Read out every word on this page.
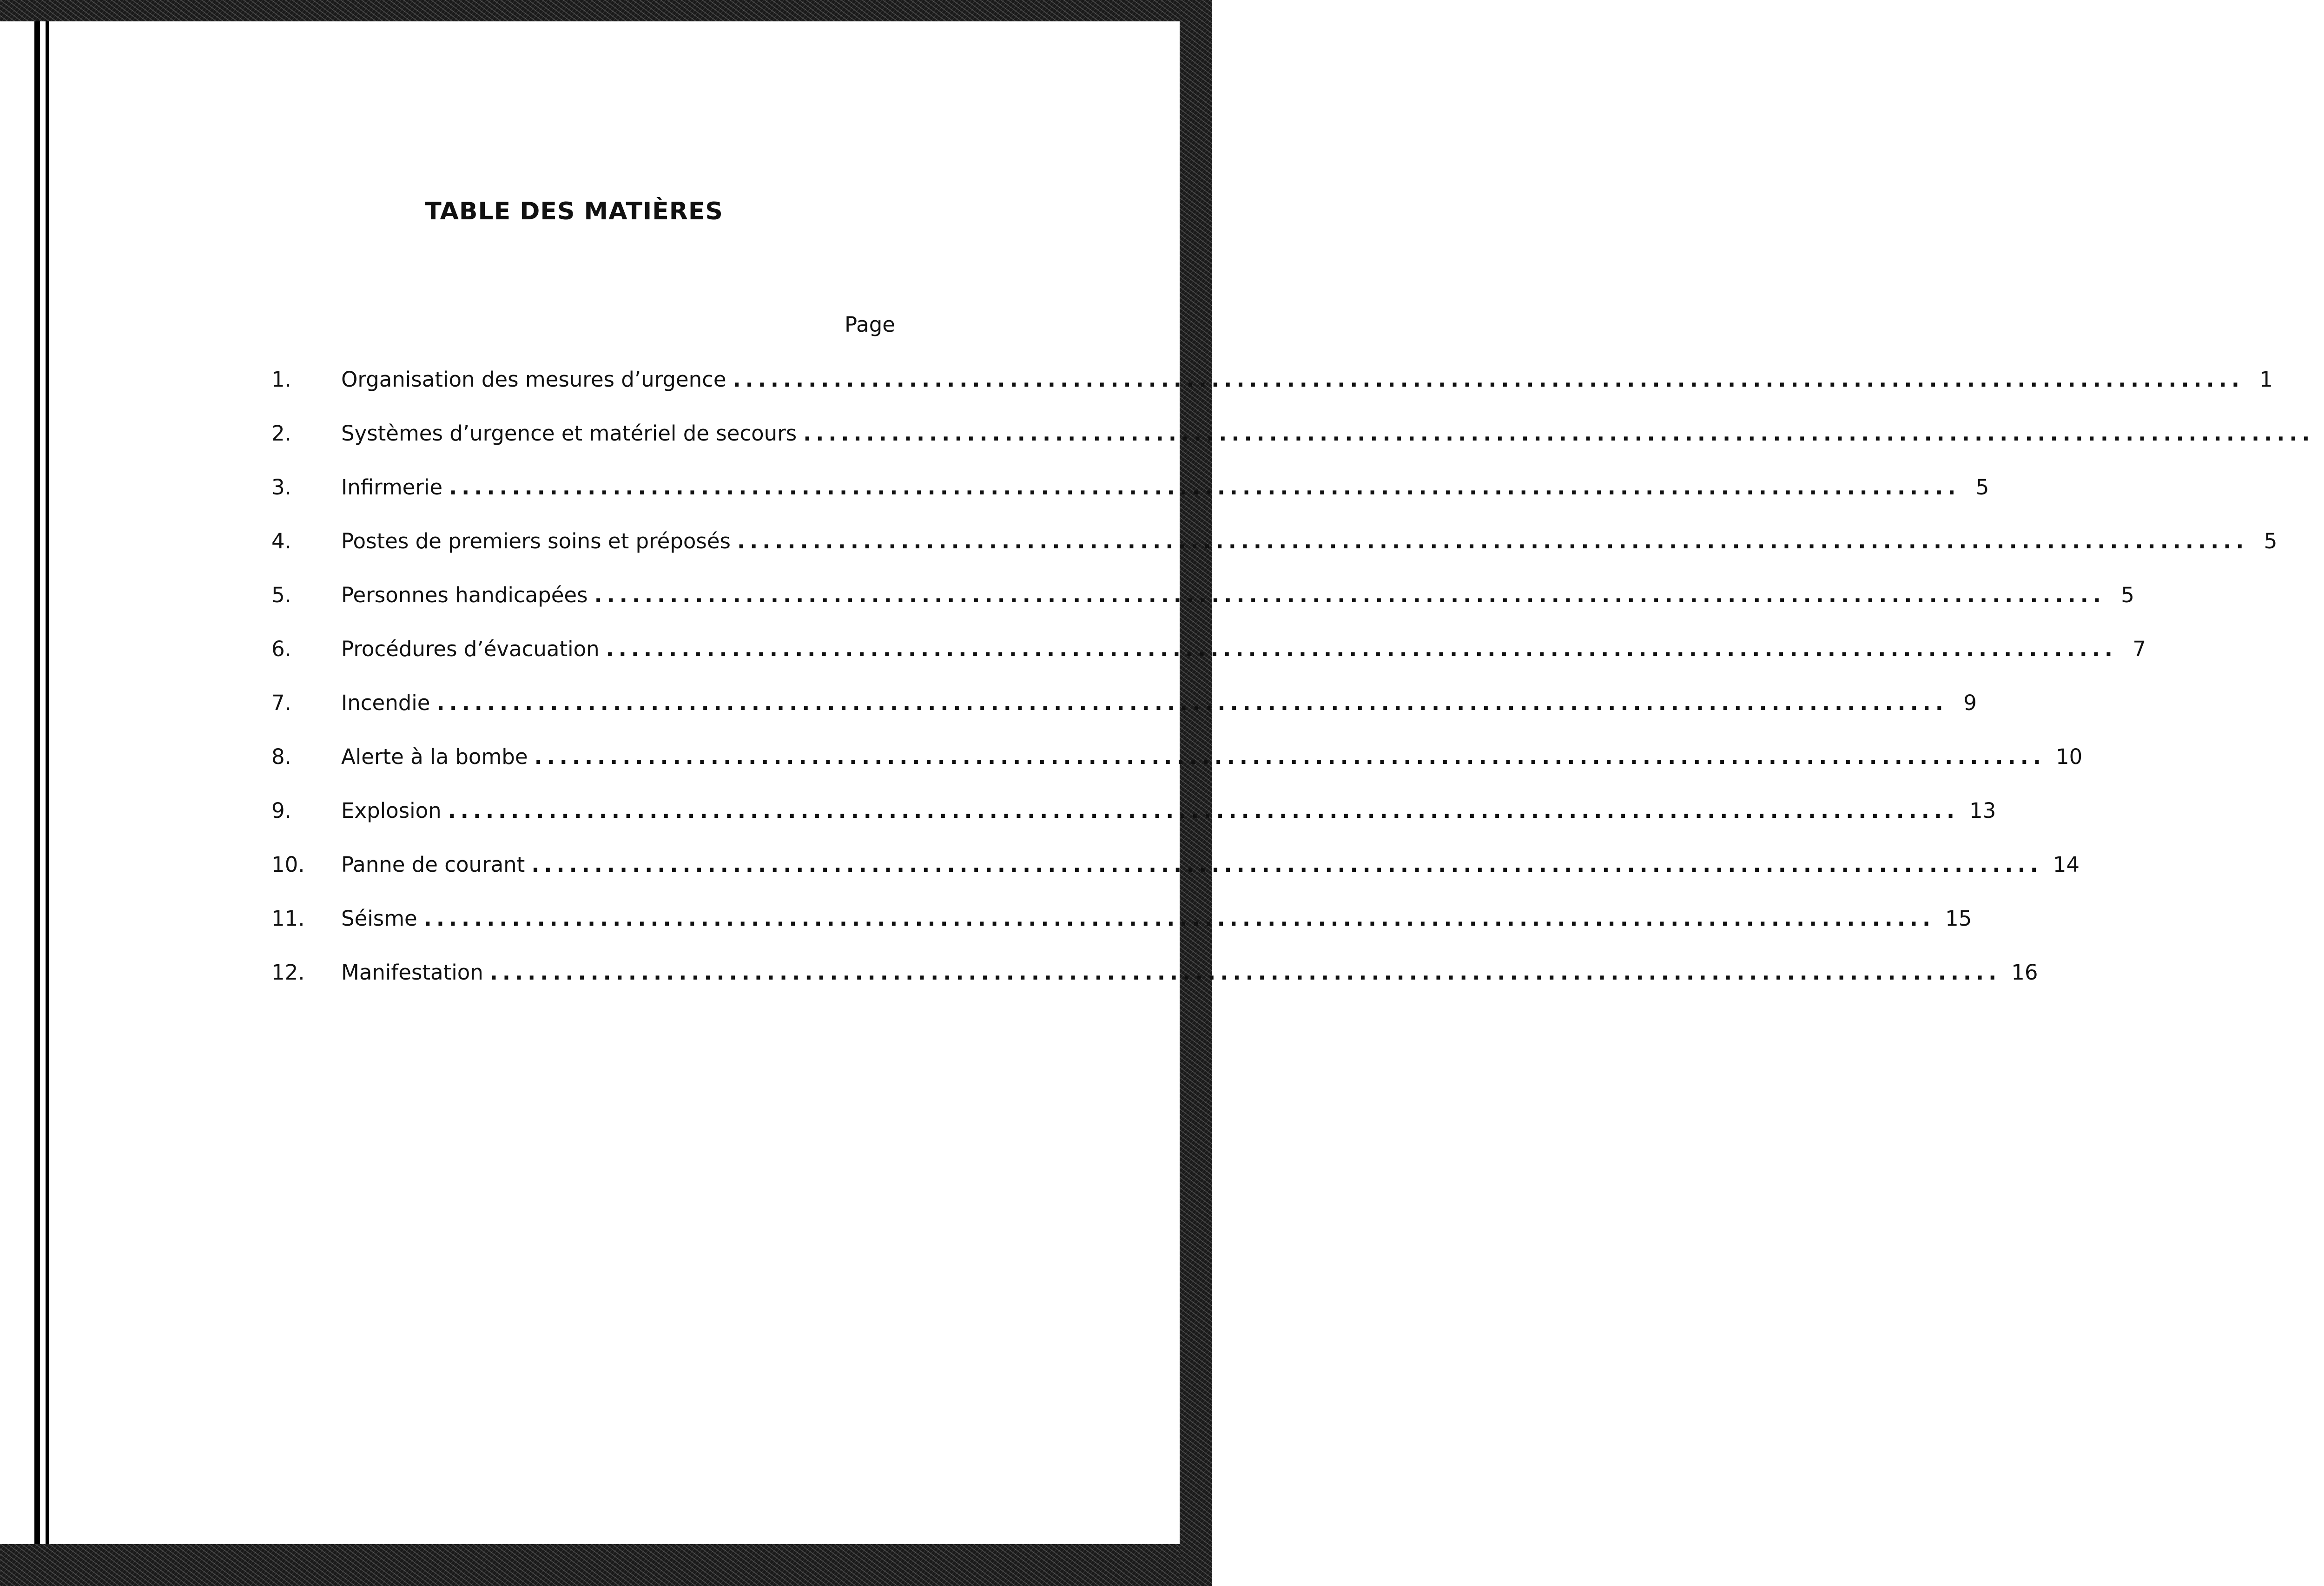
TABLE DES MATIÈRES
Page
1.	Organisation des mesures d’urgence ........................................................................................................................ 1
2.	Systèmes d’urgence et matériel de secours ........................................................................................................................
3.	Infirmerie ........................................................................................................................ 5
4.	Postes de premiers soins et préposés ........................................................................................................................ 5
5.	Personnes handicapées ........................................................................................................................ 5
6.	Procédures d’évacuation ........................................................................................................................ 7
7.	Incendie ........................................................................................................................ 9
8.	Alerte à la bombe ........................................................................................................................ 10
9.	Explosion ........................................................................................................................ 13
10.	Panne de courant ........................................................................................................................ 14
11.	Séisme ........................................................................................................................ 15
12.	Manifestation ........................................................................................................................ 16
